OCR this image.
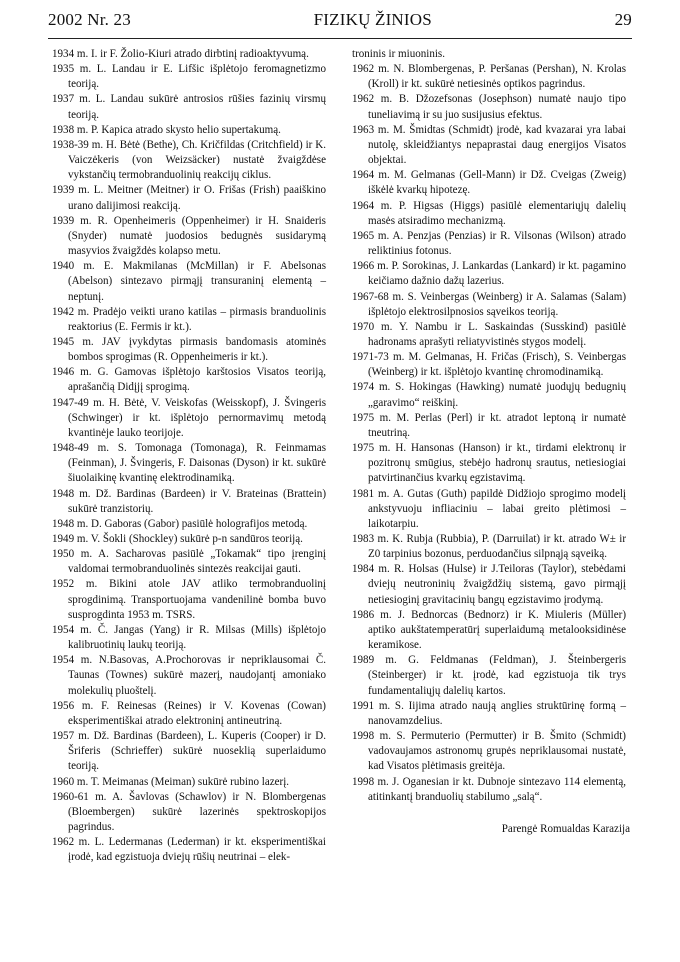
2002 Nr. 23	FIZIKŲ ŽINIOS	29

1934 m. I. ir F. Žolio-Kiuri atrado dirbtinį radioaktyvumą.

1935 m. L. Landau ir E. Lifšic išplėtojo feromagnetizmo teoriją.

1937 m. L. Landau sukūrė antrosios rūšies fazinių virsmų teoriją.

1938 m. P. Kapica atrado skysto helio supertakumą.

1938-39 m. H. Bėtė (Bethe), Ch. Kričfildas (Critchfield) ir K. Vaiczėkeris (von Weizsäcker) nustatė žvaigždėse vykstančių termobranduolinių reakcijų ciklus.

1939 m. L. Meitner (Meitner) ir O. Frišas (Frish) paaiškino urano dalijimosi reakciją.

1939 m. R. Openheimeris (Oppenheimer) ir H. Snaideris (Snyder) numatė juodosios bedugnės susidarymą masyvios žvaigždės kolapso metu.

1940 m. E. Makmilanas (McMillan) ir F. Abelsonas (Abelson) sintezavo pirmąjį transuraninį elementą – neptunį.

1942 m. Pradėjo veikti urano katilas – pirmasis branduolinis reaktorius (E. Fermis ir kt.).

1945 m. JAV įvykdytas pirmasis bandomasis atominės bombos sprogimas (R. Oppenheimeris ir kt.).

1946 m. G. Gamovas išplėtojo karštosios Visatos teoriją, aprašančią Didįjį sprogimą.

1947-49 m. H. Bėtė, V. Veiskofas (Weisskopf), J. Švingeris (Schwinger) ir kt. išplėtojo pernormavimų metodą kvantinėje lauko teorijoje.

1948-49 m. S. Tomonaga (Tomonaga), R. Feinmamas (Feinman), J. Švingeris, F. Daisonas (Dyson) ir kt. sukūrė šiuolaikinę kvantinę elektrodinamiką.

1948 m. Dž. Bardinas (Bardeen) ir V. Brateinas (Brattein) sukūrė tranzistorių.

1948 m. D. Gaboras (Gabor) pasiūlė holografijos metodą.

1949 m. V. Šokli (Shockley) sukūrė p-n sandūros teoriją.

1950 m. A. Sacharovas pasiūlė „Tokamak“ tipo įrenginį valdomai termobranduolinės sintezės reakcijai gauti.

1952 m. Bikini atole JAV atliko termobranduolinį sprogdinimą. Transportuojama vandenilinė bomba buvo susprogdinta 1953 m. TSRS.

1954 m. Č. Jangas (Yang) ir R. Milsas (Mills) išplėtojo kalibruotinių laukų teoriją.

1954 m. N.Basovas, A.Prochorovas ir nepriklausomai Č. Taunas (Townes) sukūrė mazerį, naudojantį amoniako molekulių pluoštelį.

1956 m. F. Reinesas (Reines) ir V. Kovenas (Cowan) eksperimentiškai atrado elektroninį antineutriną.

1957 m. Dž. Bardinas (Bardeen), L. Kuperis (Cooper) ir D. Šriferis (Schrieffer) sukūrė nuoseklią superlaidumo teoriją.

1960 m. T. Meimanas (Meiman) sukūrė rubino lazerį.

1960-61 m. A. Šavlovas (Schawlov) ir N. Blombergenas (Bloembergen) sukūrė lazerinės spektroskopijos pagrindus.

1962 m. L. Ledermanas (Lederman) ir kt. eksperimentiškai įrodė, kad egzistuoja dviejų rūšių neutrinai – elek-

troninis ir miuoninis.

1962 m. N. Blombergenas, P. Peršanas (Pershan), N. Krolas (Kroll) ir kt. sukūrė netiesinės optikos pagrindus.

1962 m. B. Džozefsonas (Josephson) numatė naujo tipo tuneliavimą ir su juo susijusius efektus.

1963 m. M. Šmidtas (Schmidt) įrodė, kad kvazarai yra labai nutolę, skleidžiantys nepaprastai daug energijos Visatos objektai.

1964 m. M. Gelmanas (Gell-Mann) ir Dž. Cveigas (Zweig) iškėlė kvarkų hipotezę.

1964 m. P. Higsas (Higgs) pasiūlė elementariųjų dalelių masės atsiradimo mechanizmą.

1965 m. A. Penzjas (Penzias) ir R. Vilsonas (Wilson) atrado reliktinius fotonus.

1966 m. P. Sorokinas, J. Lankardas (Lankard) ir kt. pagamino keičiamo dažnio dažų lazerius.

1967-68 m. S. Veinbergas (Weinberg) ir A. Salamas (Salam) išplėtojo elektrosilpnosios sąveikos teoriją.

1970 m. Y. Nambu ir L. Saskaindas (Susskind) pasiūlė hadronams aprašyti reliatyvistinės stygos modelį.

1971-73 m. M. Gelmanas, H. Fričas (Frisch), S. Veinbergas (Weinberg) ir kt. išplėtojo kvantinę chromodinamiką.

1974 m. S. Hokingas (Hawking) numatė juodųjų bedugnių „garavimo“ reiškinį.

1975 m. M. Perlas (Perl) ir kt. atradot leptoną ir numatė tneutriną.

1975 m. H. Hansonas (Hanson) ir kt., tirdami elektronų ir pozitronų smūgius, stebėjo hadronų srautus, netiesiogiai patvirtinančius kvarkų egzistavimą.

1981 m. A. Gutas (Guth) papildė Didžiojo sprogimo modelį ankstyvuoju infliaciniu – labai greito plėtimosi – laikotarpiu.

1983 m. K. Rubja (Rubbia), P. (Darruilat) ir kt. atrado W± ir Z0 tarpinius bozonus, perduodančius silpnąją sąveiką.

1984 m. R. Holsas (Hulse) ir J.Teiloras (Taylor), stebėdami dviejų neutroninių žvaigždžių sistemą, gavo pirmąjį netiesioginį gravitacinių bangų egzistavimo įrodymą.

1986 m. J. Bednorcas (Bednorz) ir K. Miuleris (Müller) aptiko aukštatemperatūrį superlaidumą metalooksidinėse keramikose.

1989 m. G. Feldmanas (Feldman), J. Šteinbergeris (Steinberger) ir kt. įrodė, kad egzistuoja tik trys fundamentaliųjų dalelių kartos.

1991 m. S. Iijima atrado naują anglies struktūrinę formą – nanovamzdelius.

1998 m. S. Permuterio (Permutter) ir B. Šmito (Schmidt) vadovaujamos astronomų grupės nepriklausomai nustatė, kad Visatos plėtimasis greitėja.

1998 m. J. Oganesian ir kt. Dubnoje sintezavo 114 elementą, atitinkantį branduolių stabilumo „salą“.

Parengė Romualdas Karazija
